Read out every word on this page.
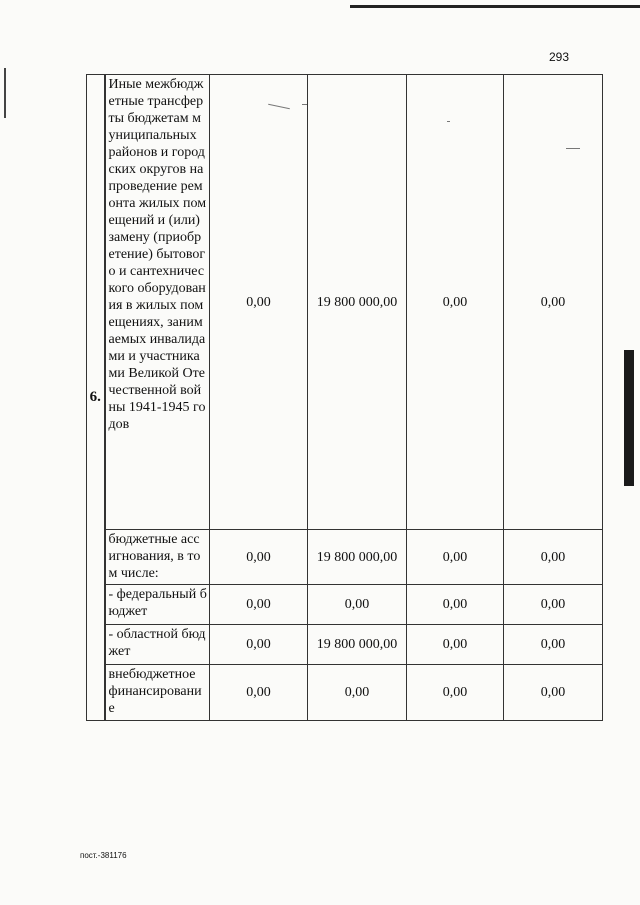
293
6.	Иные межбюджетные трансферты бюджетам муниципальных районов и городских округов на проведение ремонта жилых помещений и (или) замену (приобретение) бытового и сантехнического оборудования в жилых помещениях, занимаемых инвалидами и участниками Великой Отечественной войны 1941-1945 годов	0,00	19 800 000,00	0,00	0,00
	бюджетные ассигнования, в том числе:	0,00	19 800 000,00	0,00	0,00
	- федеральный бюджет	0,00	0,00	0,00	0,00
	- областной бюджет	0,00	19 800 000,00	0,00	0,00
	внебюджетное финансирование	0,00	0,00	0,00	0,00
пост.-381176
